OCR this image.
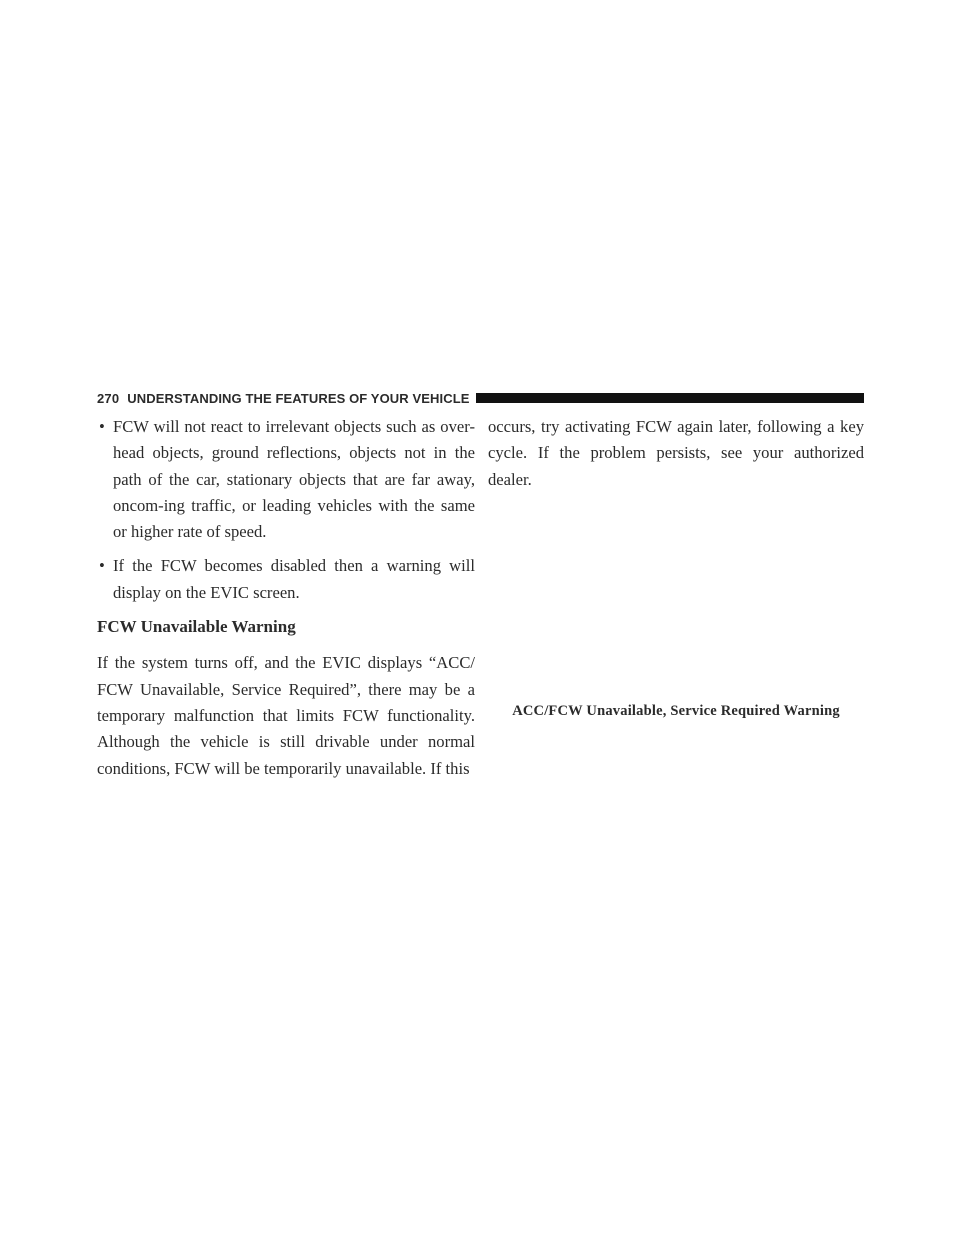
270 UNDERSTANDING THE FEATURES OF YOUR VEHICLE
• FCW will not react to irrelevant objects such as over-head objects, ground reflections, objects not in the path of the car, stationary objects that are far away, oncom-ing traffic, or leading vehicles with the same or higher rate of speed.
• If the FCW becomes disabled then a warning will display on the EVIC screen.
FCW Unavailable Warning

If the system turns off, and the EVIC displays “ACC/ FCW Unavailable, Service Required”, there may be a temporary malfunction that limits FCW functionality. Although the vehicle is still drivable under normal conditions, FCW will be temporarily unavailable. If this

occurs, try activating FCW again later, following a key cycle. If the problem persists, see your authorized dealer.

ACC/FCW Unavailable, Service Required Warning
